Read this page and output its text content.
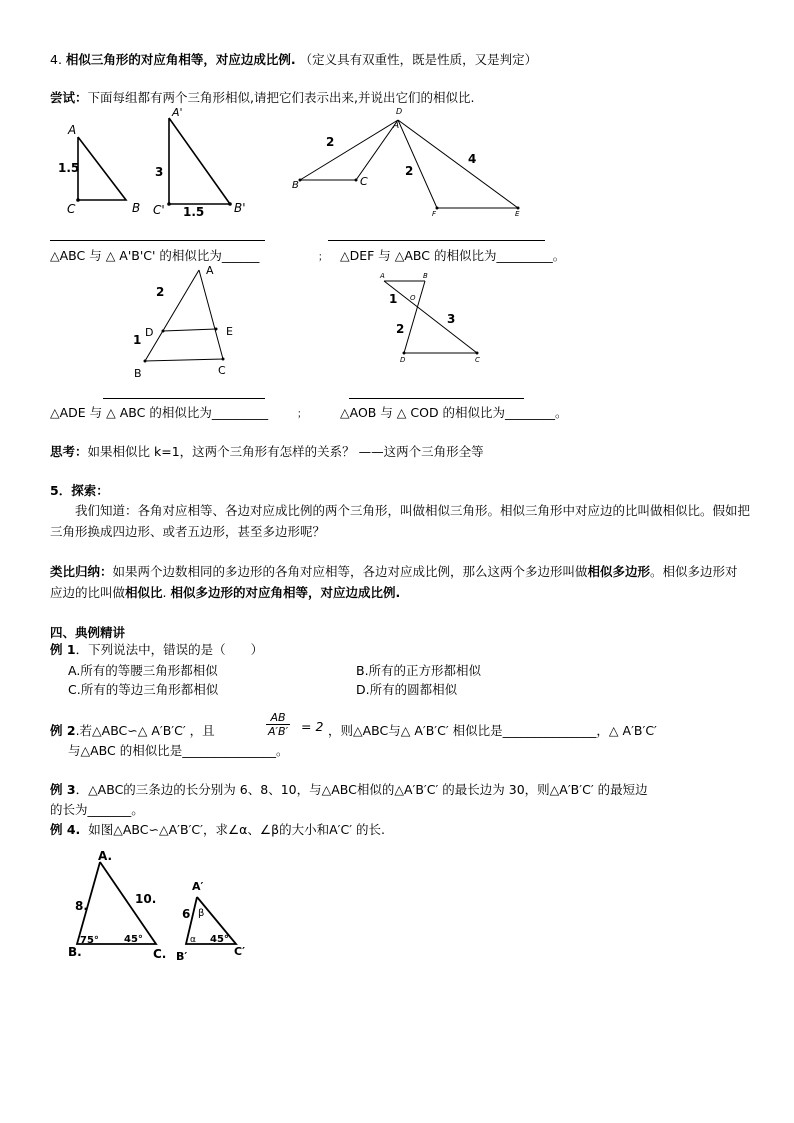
4. 相似三角形的对应角相等，对应边成比例. （定义具有双重性，既是性质，又是判定）
尝试：下面每组都有两个三角形相似,请把它们表示出来,并说出它们的相似比.
A
1.5
C	B
A'
3
C' 1.5 B'
D
A
B	C
F	E
2
2
4
A
2
D	E
1
B	C
A	B
O
D	C
1
2
3
A.
8.	10.
75°	45°
B.	C.
A′
6 β
α 45°
B′	C′
△ABC 与 △ A'B'C' 的相似比为______	； △DEF 与 △ABC 的相似比为_________。
△ADE 与 △ ABC 的相似比为_________	；	△AOB 与 △ COD 的相似比为________。
思考：如果相似比 k=1，这两个三角形有怎样的关系？ ——这两个三角形全等
5．探索：
我们知道：各角对应相等、各边对应成比例的两个三角形，叫做相似三角形。相似三角形中对应边的比叫做相似比。假如把三角形换成四边形、或者五边形，甚至多边形呢？
类比归纳：如果两个边数相同的多边形的各角对应相等，各边对应成比例，那么这两个多边形叫做相似多边形。相似多边形对应边的比叫做相似比. 相似多边形的对应角相等，对应边成比例.
四、典例精讲
例 1．下列说法中，错误的是（　　）
A.所有的等腰三角形都相似	B.所有的正方形都相似
C.所有的等边三角形都相似	D.所有的圆都相似
例 2.若△ABC∽△ A′B′C′ ，且	$\frac{AB}{A'B'} = 2$ ，则△ABC与△ A′B′C′ 相似比是_______________，△ A′B′C′
与△ABC 的相似比是_______________。
例 3．△ABC的三条边的长分别为 6、8、10，与△ABC相似的△A′B′C′ 的最长边为 30，则△A′B′C′ 的最短边
的长为_______。
例 4. 如图△ABC∽△A′B′C′，求∠α、∠β的大小和A′C′ 的长.
